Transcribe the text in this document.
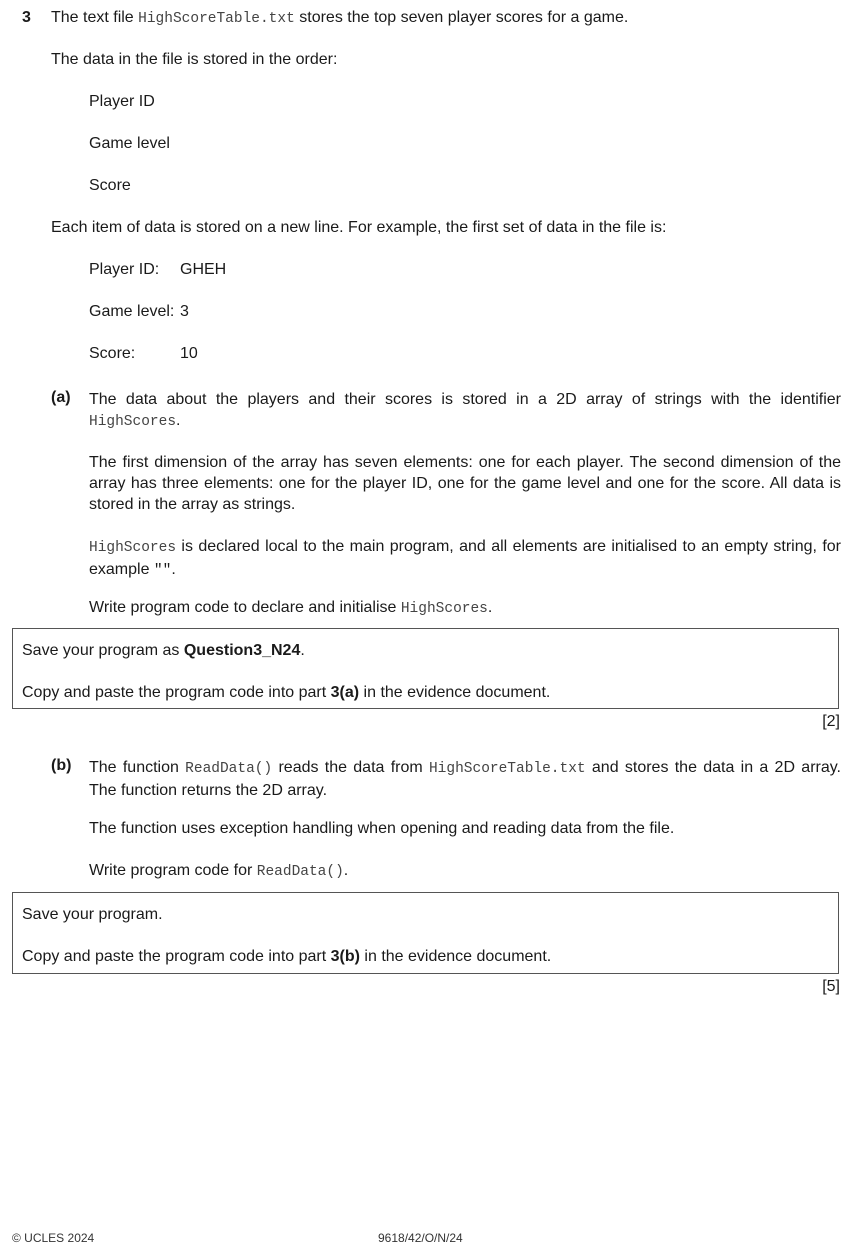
3 The text file HighScoreTable.txt stores the top seven player scores for a game.
The data in the file is stored in the order:
Player ID
Game level
Score
Each item of data is stored on a new line. For example, the first set of data in the file is:
Player ID: GHEH
Game level: 3
Score:	10
(a) The data about the players and their scores is stored in a 2D array of strings with the identifier HighScores.
The first dimension of the array has seven elements: one for each player. The second dimension of the array has three elements: one for the player ID, one for the game level and one for the score. All data is stored in the array as strings.
HighScores is declared local to the main program, and all elements are initialised to an empty string, for example "".
Write program code to declare and initialise HighScores.
Save your program as Question3_N24.
Copy and paste the program code into part 3(a) in the evidence document.
[2]
(b) The function ReadData() reads the data from HighScoreTable.txt and stores the data in a 2D array. The function returns the 2D array.
The function uses exception handling when opening and reading data from the file.
Write program code for ReadData().
Save your program.
Copy and paste the program code into part 3(b) in the evidence document.
[5]
© UCLES 2024	9618/42/O/N/24
